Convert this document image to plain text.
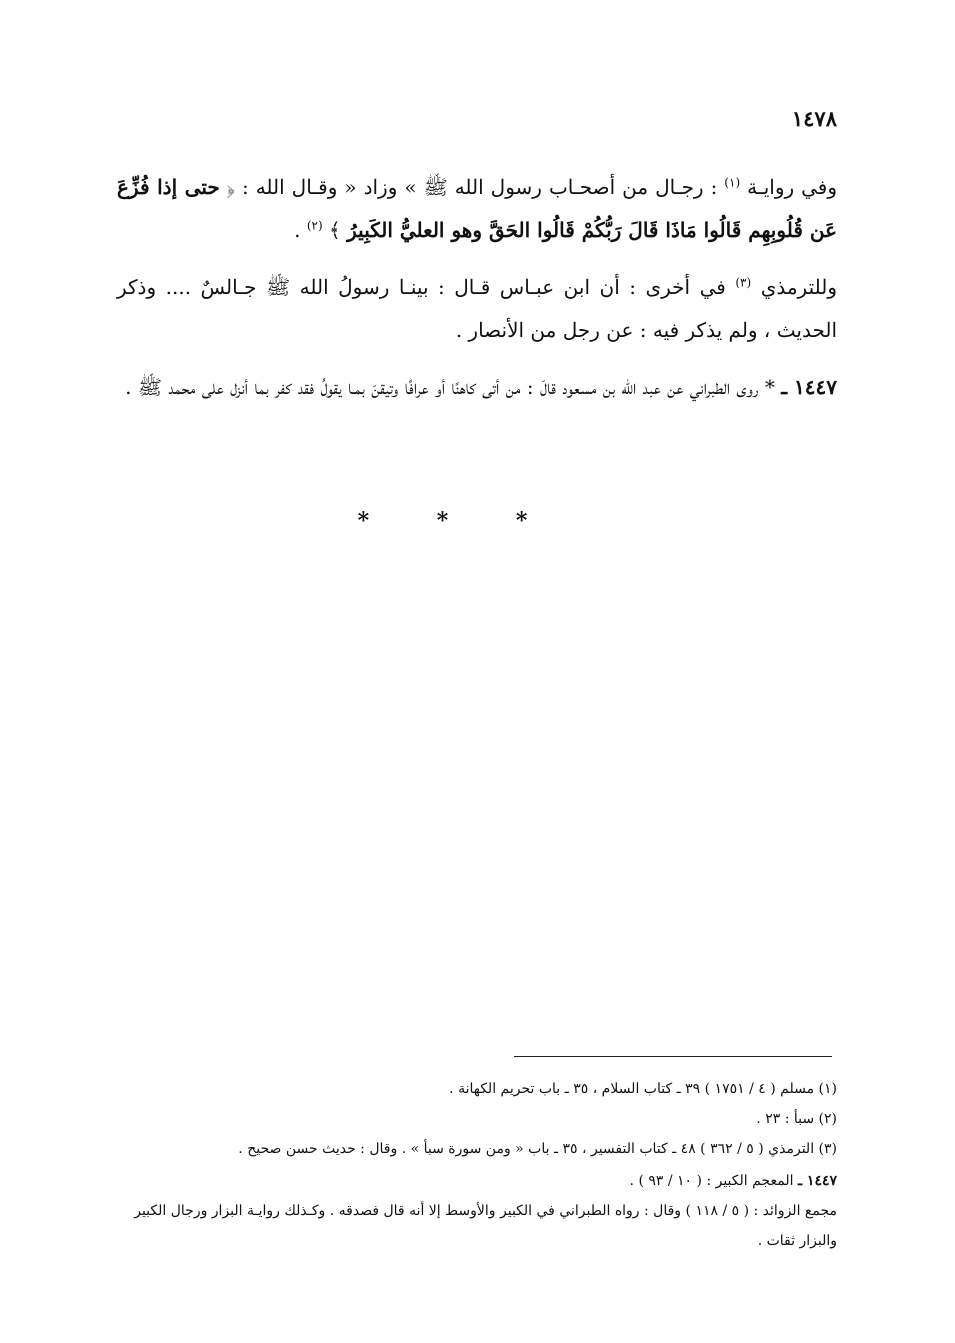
١٤٧٨

وفي روايـة $^{(١)}$ : رجـال من أصحـاب رسول الله ﷺ » وزاد « وقـال الله : ﴿ حتى إذا فُزِّعَ عَن قُلُوبِهِم قَالُوا مَاذَا قَالَ رَبُّكُمْ قَالُوا الحَقَّ وهو العليُّ الكَبِيرُ ﴾ $^{(٢)}$ .

وللترمذي $^{(٣)}$ في أخرى : أن ابن عبـاس قـال : بينـا رسولُ الله ﷺ جـالسٌ .... وذكر الحديث ، ولم يذكر فيه : عن رجل من الأنصار .

١٤٤٧ ـ * روى الطبراني عن عبد الله بن مسعود قالَ : من أتى كاهنًا أو عرافًا وتيقنَ بمـا يقولُ فقد كفر بما أنزل على محمد ﷺ .

* * *

(١) مسلم ( ٤ / ١٧٥١ ) ٣٩ ـ كتاب السلام ، ٣٥ ـ باب تحريم الكهانة .

(٢) سبأ : ٢٣ .

(٣) الترمذي ( ٥ / ٣٦٢ ) ٤٨ ـ كتاب التفسير ، ٣٥ ـ باب « ومن سورة سبأ » . وقال : حديث حسن صحيح .

١٤٤٧ ـ المعجم الكبير : ( ١٠ / ٩٣ ) .

مجمع الزوائد : ( ٥ / ١١٨ ) وقال : رواه الطبراني في الكبير والأوسط إلا أنه قال فصدقه . وكـذلك روايـة البزار ورجال الكبير والبزار ثقات .
